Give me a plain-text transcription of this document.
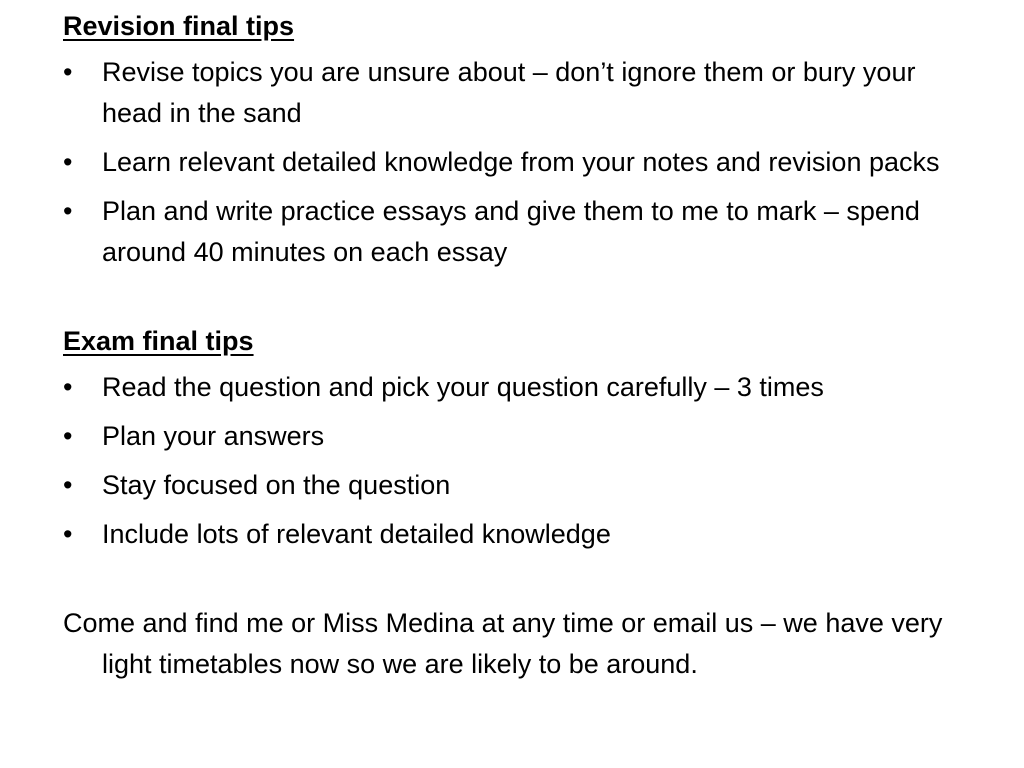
Revision final tips

•	Revise topics you are unsure about – don’t ignore them or bury your head in the sand
•	Learn relevant detailed knowledge from your notes and revision packs
•	Plan and write practice essays and give them to me to mark – spend around 40 minutes on each essay

Exam final tips

•	Read the question and pick your question carefully – 3 times
•	Plan your answers
•	Stay focused on the question
•	Include lots of relevant detailed knowledge

Come and find me or Miss Medina at any time or email us – we have very light timetables now so we are likely to be around.
